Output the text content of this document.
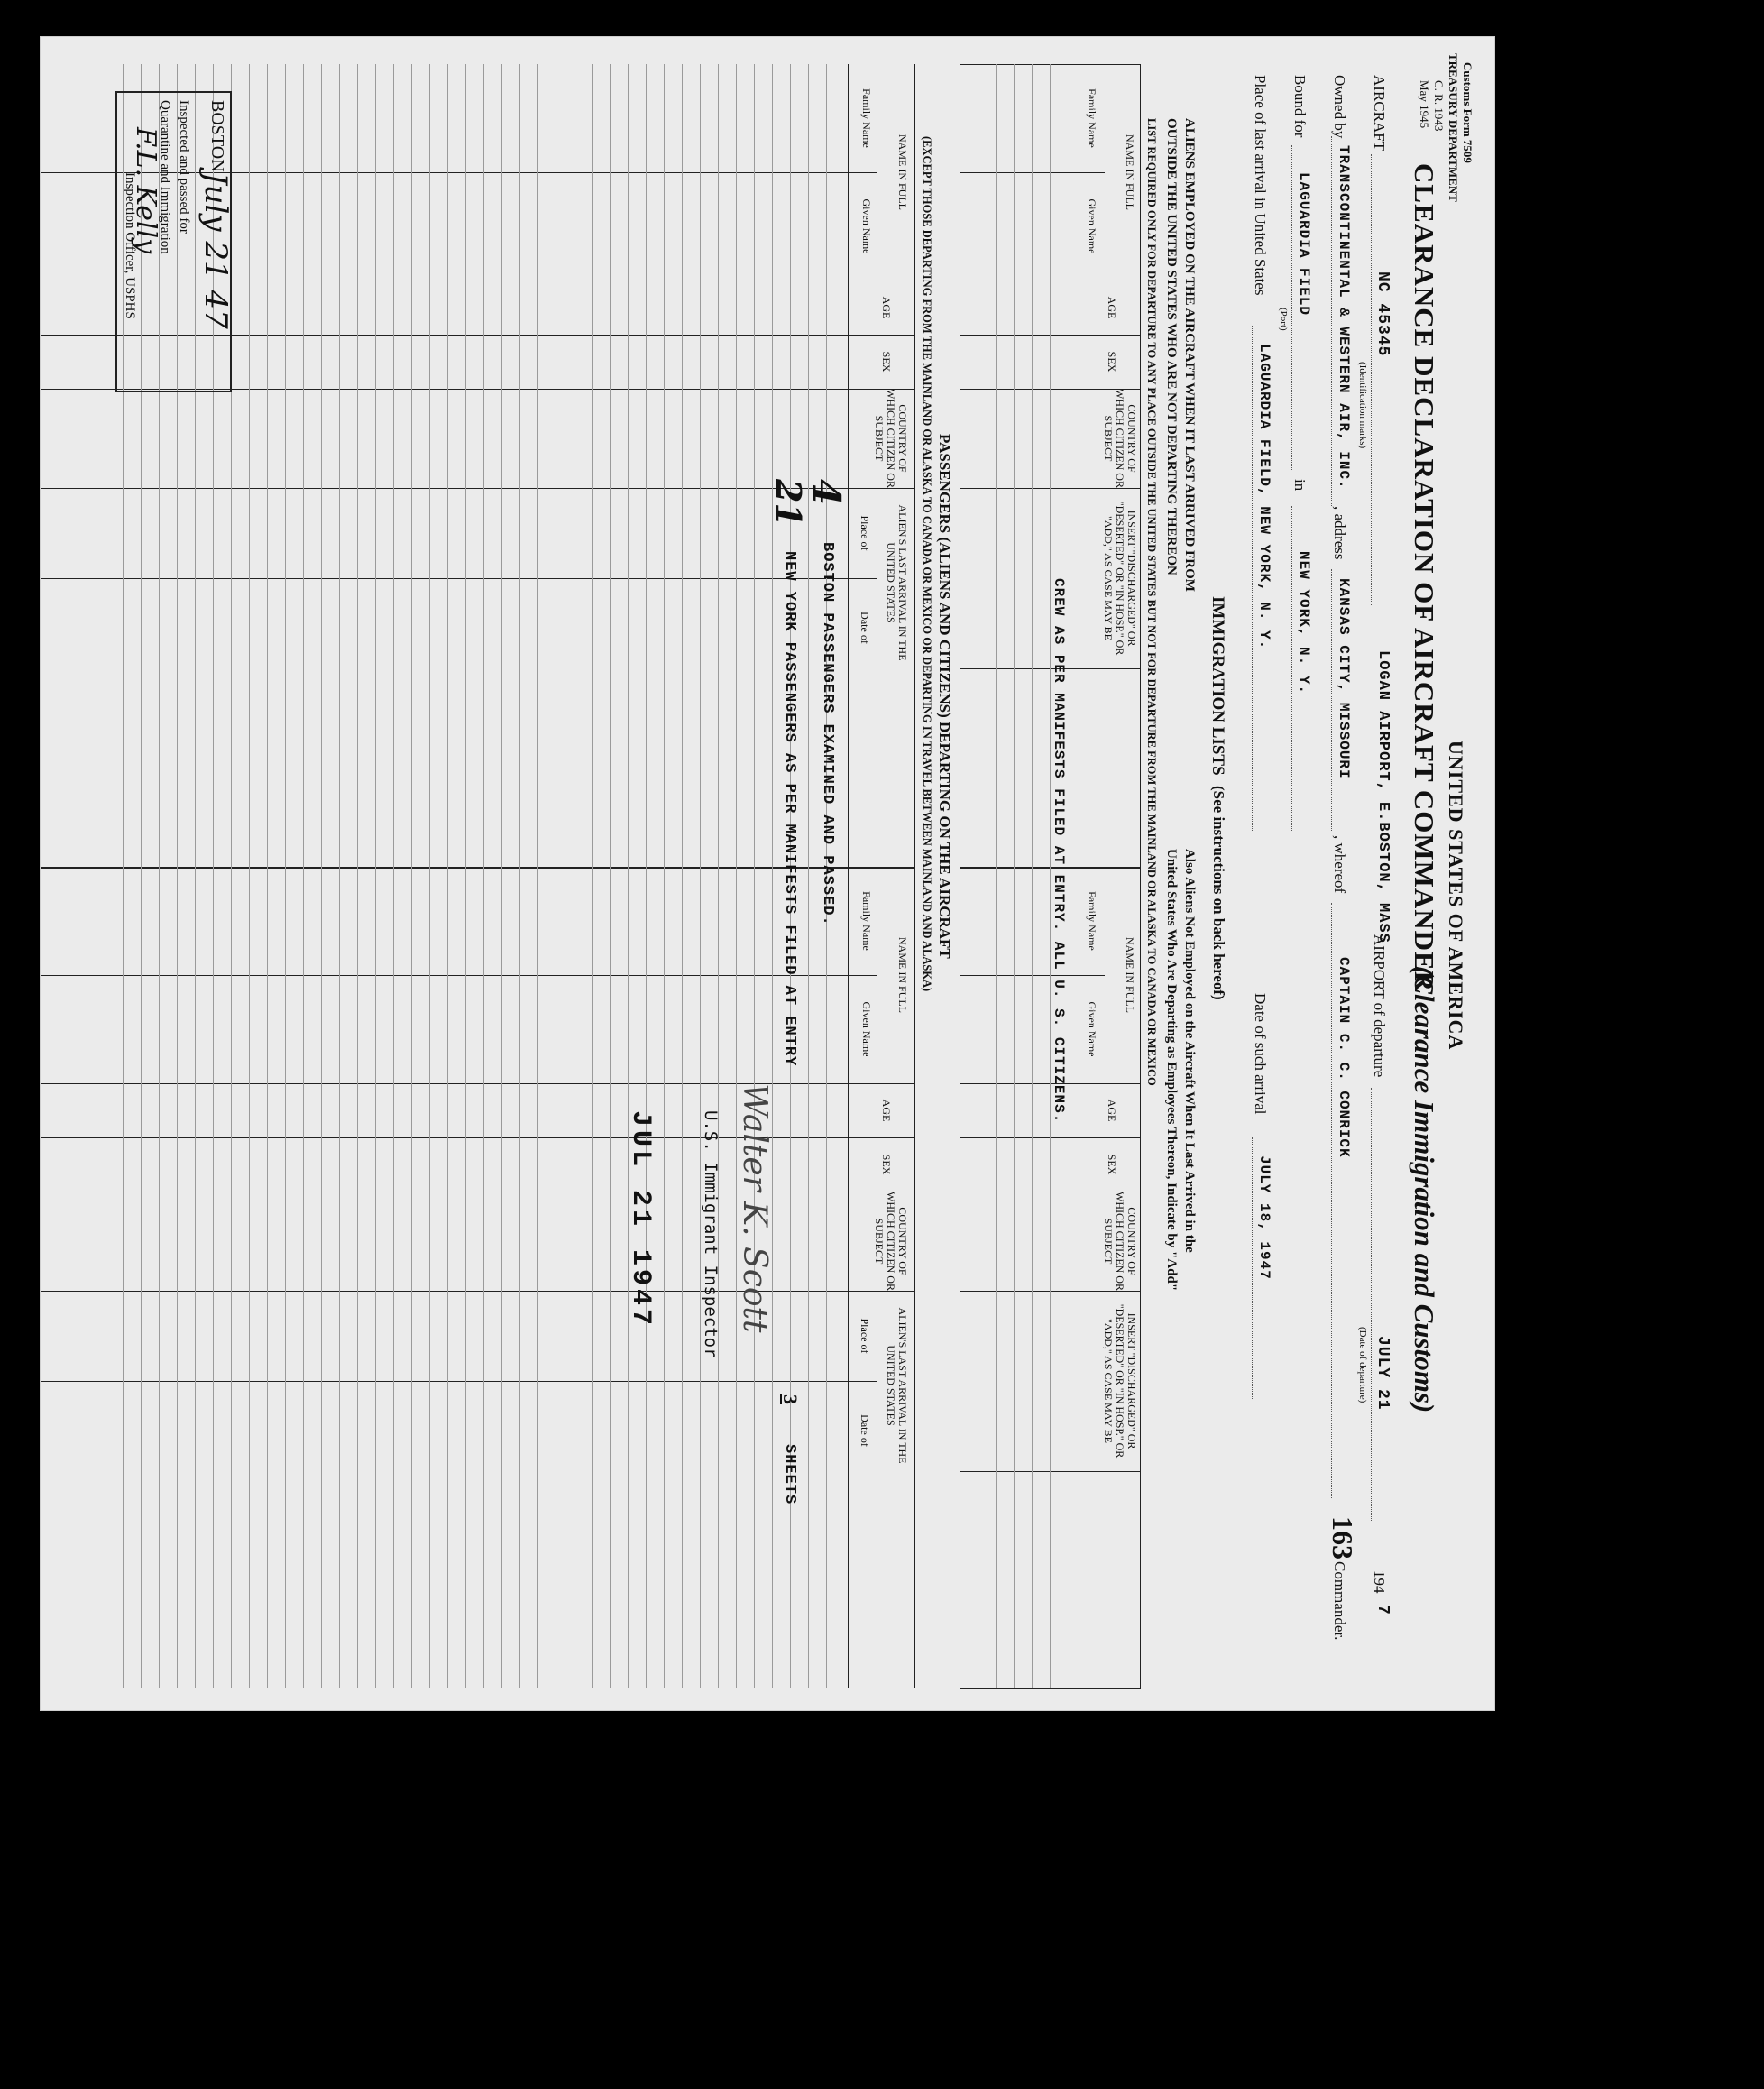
Customs Form 7509
TREASURY DEPARTMENT
C. R. 1943
May 1945
UNITED STATES OF AMERICA
CLEARANCE DECLARATION OF AIRCRAFT COMMANDER
(Clearance Immigration and Customs)
AIRCRAFT
NC 45345
(Identification marks)
LOGAN AIRPORT, E.BOSTON, MASS
AIRPORT of departure
JULY 21
(Date of departure)
194
7
Owned by
TRANSCONTINENTAL & WESTERN AIR, INC.
, address
KANSAS CITY, MISSOURI
, whereof
CAPTAIN C. C. CONRICK
163
Commander.
Bound for
LAGUARDIA FIELD
(Port)
in
NEW YORK, N. Y.
Place of last arrival in United States
LAGUARDIA FIELD, NEW YORK, N. Y.
Date of such arrival
JULY 18, 1947
IMMIGRATION LISTS
(See instructions on back hereof)
ALIENS EMPLOYED ON THE AIRCRAFT WHEN IT LAST ARRIVED FROM
OUTSIDE THE UNITED STATES WHO ARE NOT DEPARTING THEREON
Also Aliens Not Employed on the Aircraft When It Last Arrived in the
United States Who Are Departing as Employees Thereon, Indicate by "Add"
LIST REQUIRED ONLY FOR DEPARTURE TO ANY PLACE OUTSIDE THE UNITED STATES BUT NOT FOR DEPARTURE FROM THE MAINLAND OR ALASKA TO CANADA OR MEXICO
NAME IN FULL
Family Name
Given Name
AGE
SEX
COUNTRY OF WHICH CITIZEN OR SUBJECT
INSERT "DISCHARGED" OR "DESERTED" OR "IN HOSP." OR "ADD," AS CASE MAY BE
NAME IN FULL
Family Name
Given Name
AGE
SEX
COUNTRY OF WHICH CITIZEN OR SUBJECT
INSERT "DISCHARGED" OR "DESERTED" OR "IN HOSP." OR "ADD," AS CASE MAY BE
CREW AS PER MANIFESTS FILED AT ENTRY. ALL U. S. CITIZENS.
PASSENGERS (ALIENS AND CITIZENS) DEPARTING ON THE AIRCRAFT
(EXCEPT THOSE DEPARTING FROM THE MAINLAND OR ALASKA TO CANADA OR MEXICO OR DEPARTING IN TRAVEL BETWEEN MAINLAND AND ALASKA)
NAME IN FULL
Family Name
Given Name
AGE
SEX
COUNTRY OF WHICH CITIZEN OR SUBJECT
ALIEN'S LAST ARRIVAL IN THE UNITED STATES
Place of
Date of
NAME IN FULL
Family Name
Given Name
AGE
SEX
COUNTRY OF WHICH CITIZEN OR SUBJECT
ALIEN'S LAST ARRIVAL IN THE UNITED STATES
Place of
Date of
4
BOSTON PASSENGERS EXAMINED AND PASSED.
21
NEW YORK PASSENGERS AS PER MANIFESTS FILED AT ENTRY
3
SHEETS
Walter K. Scott
U.S. Immigrant Inspector
JUL 21 1947
BOSTON
July 21 47
Inspected and passed for
Quarantine and Immigration
F.L. Kelly
Inspection Officer, USPHS
